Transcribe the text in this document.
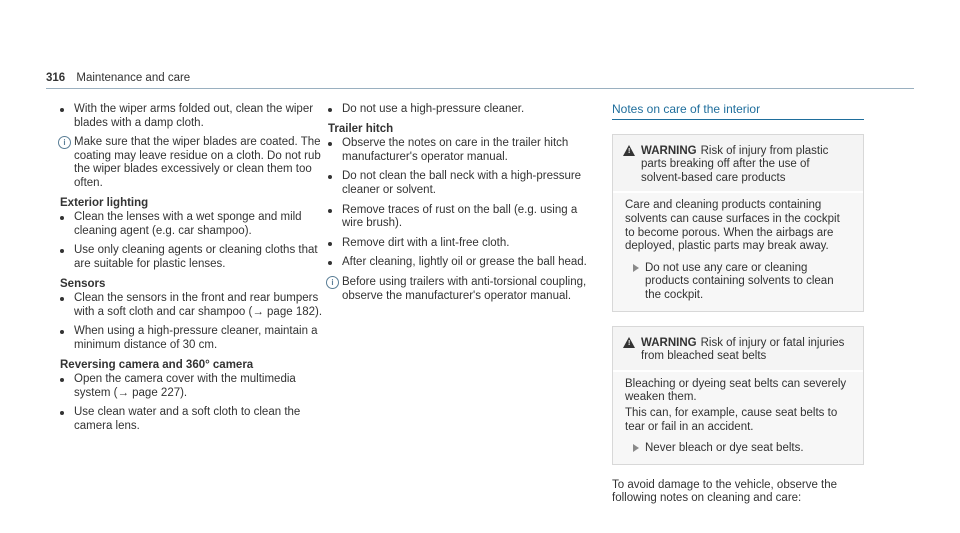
316 Maintenance and care
With the wiper arms folded out, clean the wiper blades with a damp cloth.
i Make sure that the wiper blades are coated. The coating may leave residue on a cloth. Do not rub the wiper blades excessively or clean them too often.
Exterior lighting
Clean the lenses with a wet sponge and mild cleaning agent (e.g. car shampoo).
Use only cleaning agents or cleaning cloths that are suitable for plastic lenses.
Sensors
Clean the sensors in the front and rear bumpers with a soft cloth and car shampoo (→ page 182).
When using a high-pressure cleaner, maintain a minimum distance of 30 cm.
Reversing camera and 360° camera
Open the camera cover with the multimedia system (→ page 227).
Use clean water and a soft cloth to clean the camera lens.
Do not use a high-pressure cleaner.
Trailer hitch
Observe the notes on care in the trailer hitch manufacturer's operator manual.
Do not clean the ball neck with a high-pressure cleaner or solvent.
Remove traces of rust on the ball (e.g. using a wire brush).
Remove dirt with a lint-free cloth.
After cleaning, lightly oil or grease the ball head.
i Before using trailers with anti-torsional coupling, observe the manufacturer's operator manual.
Notes on care of the interior
! WARNING Risk of injury from plastic parts breaking off after the use of solvent-based care products

Care and cleaning products containing solvents can cause surfaces in the cockpit to become porous. When the airbags are deployed, plastic parts may break away.

Do not use any care or cleaning products containing solvents to clean the cockpit.
! WARNING Risk of injury or fatal injuries from bleached seat belts

Bleaching or dyeing seat belts can severely weaken them.

This can, for example, cause seat belts to tear or fail in an accident.

Never bleach or dye seat belts.
To avoid damage to the vehicle, observe the following notes on cleaning and care:
